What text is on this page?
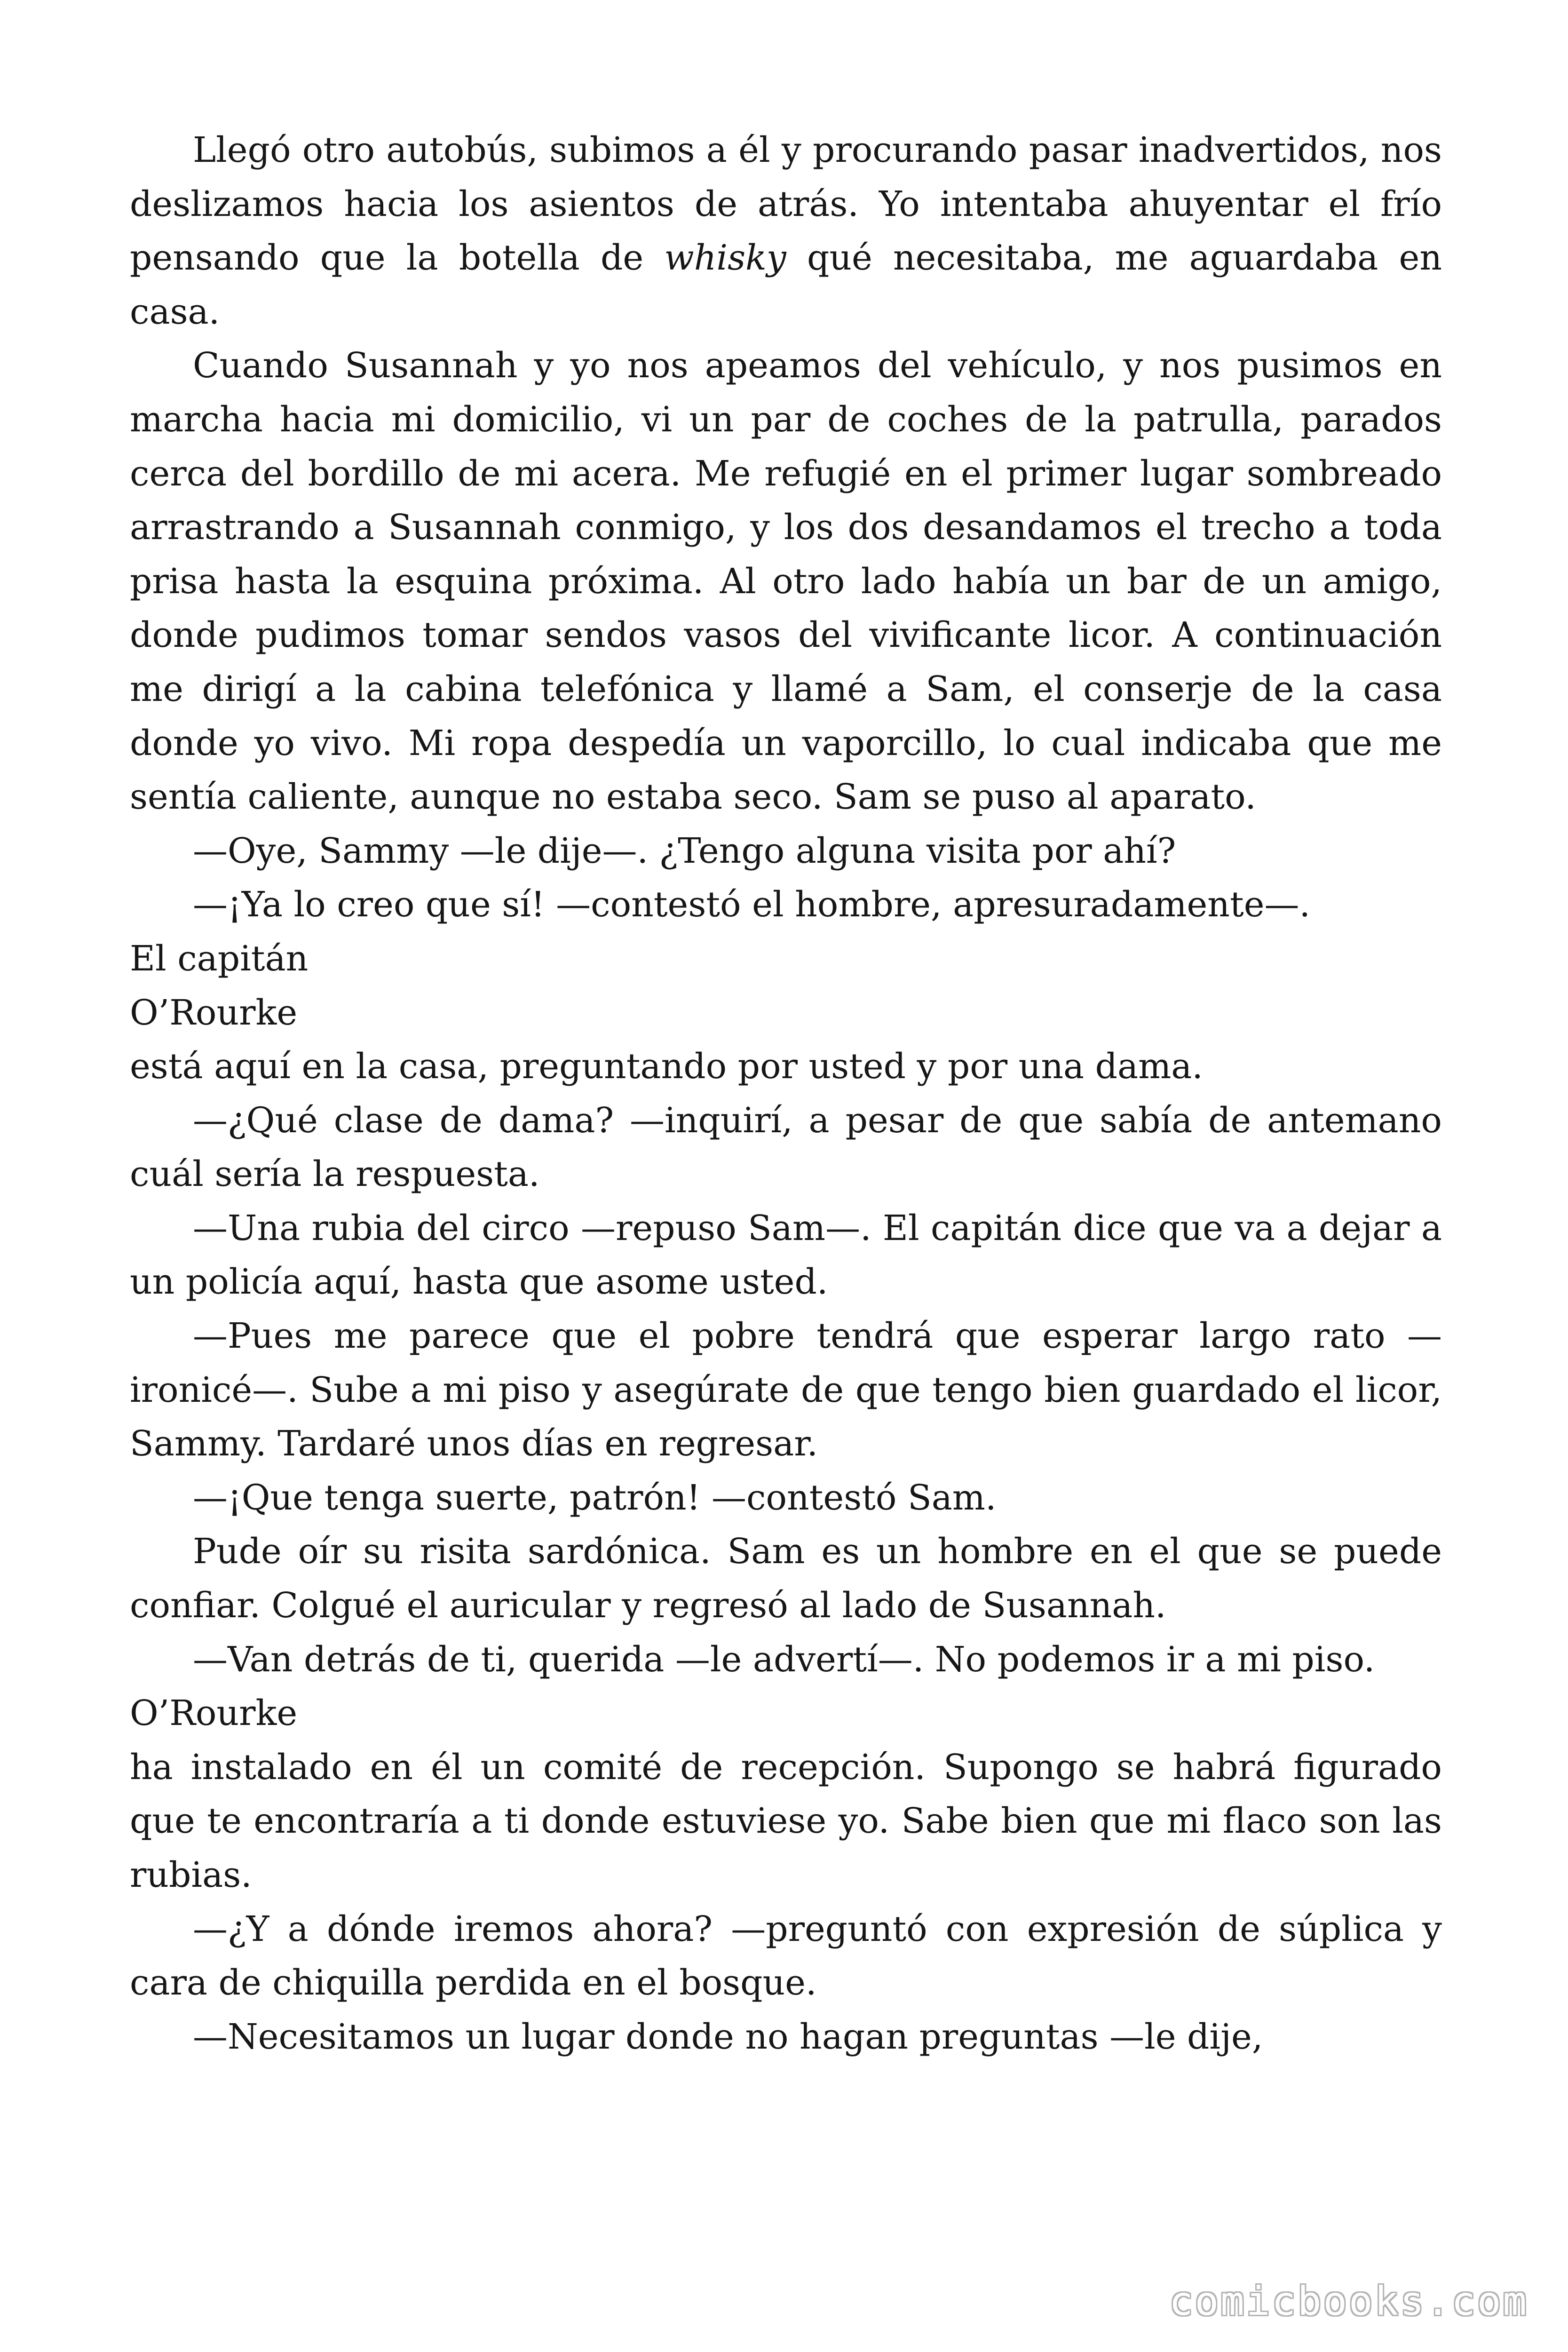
Llegó otro autobús, subimos a él y procurando pasar inadvertidos, nos deslizamos hacia los asientos de atrás. Yo intentaba ahuyentar el frío pensando que la botella de whisky qué necesitaba, me aguardaba en casa.

Cuando Susannah y yo nos apeamos del vehículo, y nos pusimos en marcha hacia mi domicilio, vi un par de coches de la patrulla, parados cerca del bordillo de mi acera. Me refugié en el primer lugar sombreado arrastrando a Susannah conmigo, y los dos desandamos el trecho a toda prisa hasta la esquina próxima. Al otro lado había un bar de un amigo, donde pudimos tomar sendos vasos del vivificante licor. A continuación me dirigí a la cabina telefónica y llamé a Sam, el conserje de la casa donde yo vivo. Mi ropa despedía un vaporcillo, lo cual indicaba que me sentía caliente, aunque no estaba seco. Sam se puso al aparato.

—Oye, Sammy —le dije—. ¿Tengo alguna visita por ahí?

—¡Ya lo creo que sí! —contestó el hombre, apresuradamente—.

El capitán

O’Rourke

está aquí en la casa, preguntando por usted y por una dama.

—¿Qué clase de dama? —inquirí, a pesar de que sabía de antemano cuál sería la respuesta.

—Una rubia del circo —repuso Sam—. El capitán dice que va a dejar a un policía aquí, hasta que asome usted.

—Pues me parece que el pobre tendrá que esperar largo rato —ironicé—. Sube a mi piso y asegúrate de que tengo bien guardado el licor, Sammy. Tardaré unos días en regresar.

—¡Que tenga suerte, patrón! —contestó Sam.

Pude oír su risita sardónica. Sam es un hombre en el que se puede confiar. Colgué el auricular y regresó al lado de Susannah.

—Van detrás de ti, querida —le advertí—. No podemos ir a mi piso.

O’Rourke

ha instalado en él un comité de recepción. Supongo se habrá figurado que te encontraría a ti donde estuviese yo. Sabe bien que mi flaco son las rubias.

—¿Y a dónde iremos ahora? —preguntó con expresión de súplica y cara de chiquilla perdida en el bosque.

—Necesitamos un lugar donde no hagan preguntas —le dije,

comicbooks.com
